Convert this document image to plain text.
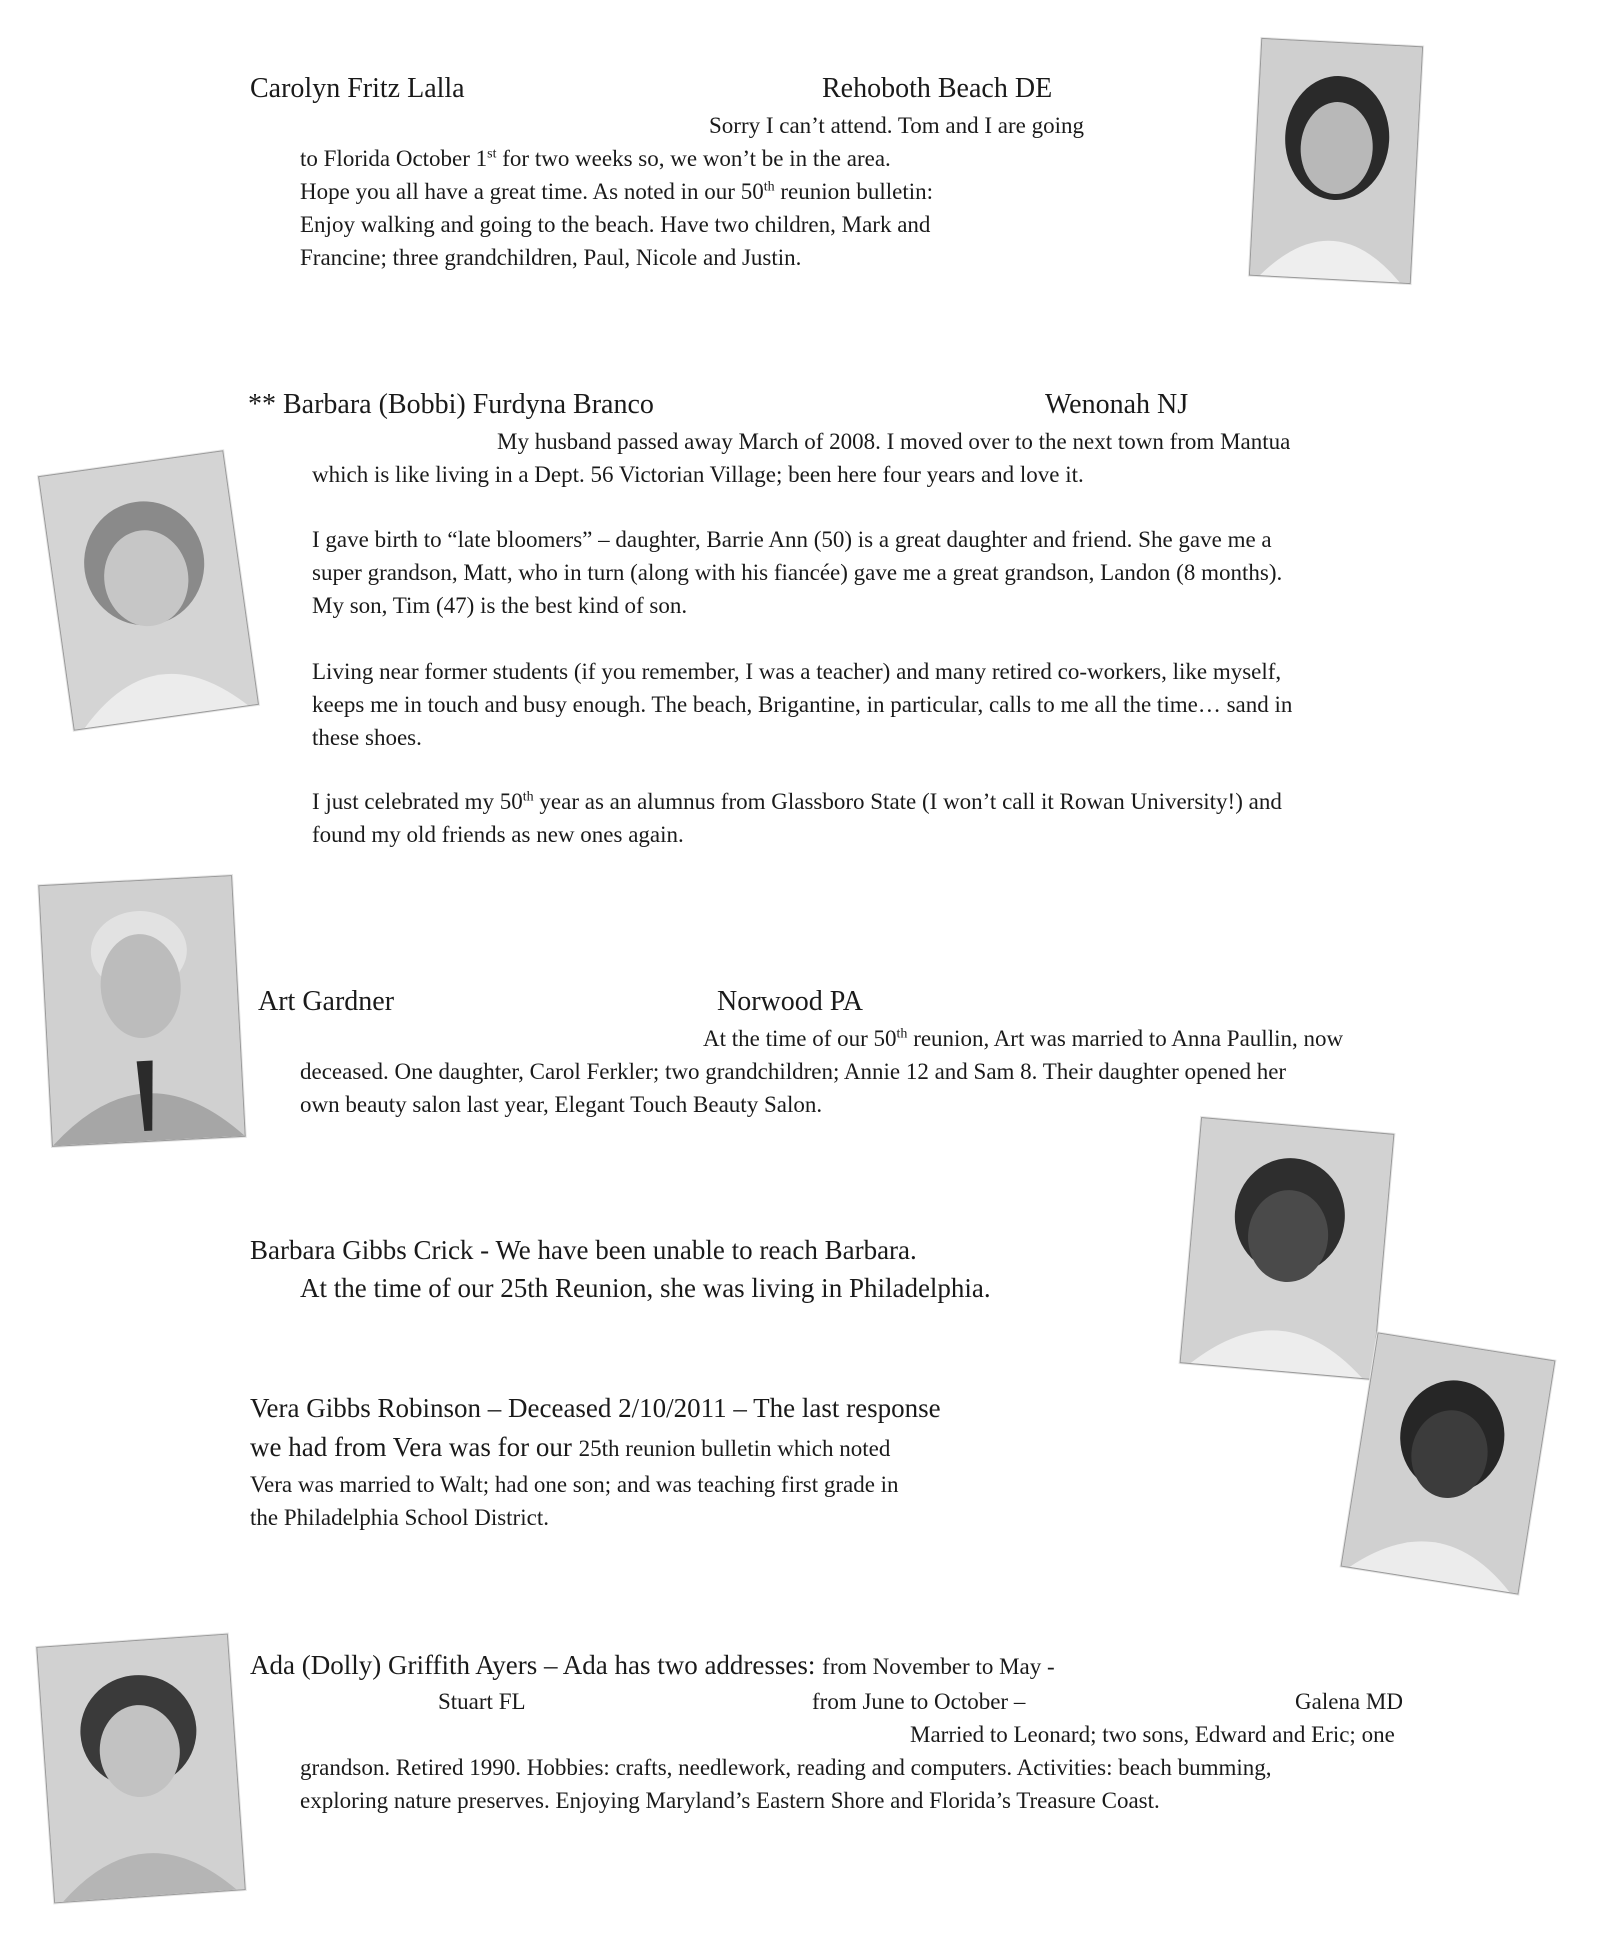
Carolyn Fritz Lalla	Rehoboth Beach DE
Sorry I can’t attend. Tom and I are going
to Florida October 1st for two weeks so, we won’t be in the area.
Hope you all have a great time. As noted in our 50th reunion bulletin:
Enjoy walking and going to the beach. Have two children, Mark and
Francine; three grandchildren, Paul, Nicole and Justin.
** Barbara (Bobbi) Furdyna Branco	Wenonah NJ
My husband passed away March of 2008. I moved over to the next town from Mantua
which is like living in a Dept. 56 Victorian Village; been here four years and love it.
I gave birth to “late bloomers” – daughter, Barrie Ann (50) is a great daughter and friend. She gave me a
super grandson, Matt, who in turn (along with his fiancée) gave me a great grandson, Landon (8 months).
My son, Tim (47) is the best kind of son.
Living near former students (if you remember, I was a teacher) and many retired co-workers, like myself,
keeps me in touch and busy enough. The beach, Brigantine, in particular, calls to me all the time… sand in
these shoes.
I just celebrated my 50th year as an alumnus from Glassboro State (I won’t call it Rowan University!) and
found my old friends as new ones again.
Art Gardner	Norwood PA
At the time of our 50th reunion, Art was married to Anna Paullin, now
deceased. One daughter, Carol Ferkler; two grandchildren; Annie 12 and Sam 8. Their daughter opened her
own beauty salon last year, Elegant Touch Beauty Salon.
Barbara Gibbs Crick - We have been unable to reach Barbara.
At the time of our 25th Reunion, she was living in Philadelphia.
Vera Gibbs Robinson – Deceased 2/10/2011 – The last response
we had from Vera was for our 25th reunion bulletin which noted
Vera was married to Walt; had one son; and was teaching first grade in
the Philadelphia School District.
Ada (Dolly) Griffith Ayers – Ada has two addresses: from November to May -
Stuart FL	from June to October –	Galena MD
Married to Leonard; two sons, Edward and Eric; one
grandson. Retired 1990. Hobbies: crafts, needlework, reading and computers. Activities: beach bumming,
exploring nature preserves. Enjoying Maryland’s Eastern Shore and Florida’s Treasure Coast.
